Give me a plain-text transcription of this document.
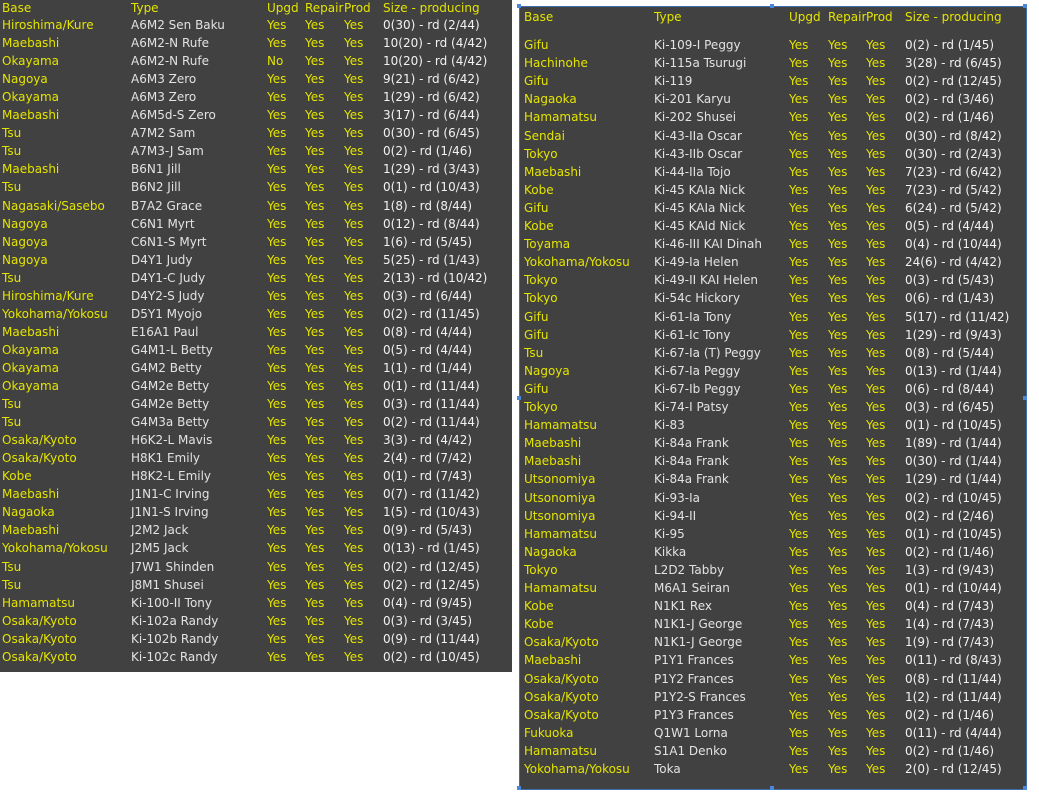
Base	Type	Upgd Repair Prod Size - producing
Hiroshima/Kure	A6M2 Sen Baku	Yes Yes Yes 0(30) - rd (2/44)
Maebashi	A6M2-N Rufe	Yes Yes Yes 10(20) - rd (4/42)
Okayama	A6M2-N Rufe	No Yes Yes 10(20) - rd (4/42)
Nagoya	A6M3 Zero	Yes Yes Yes 9(21) - rd (6/42)
Okayama	A6M3 Zero	Yes Yes Yes 1(29) - rd (6/42)
Maebashi	A6M5d-S Zero	Yes Yes Yes 3(17) - rd (6/44)
Tsu	A7M2 Sam	Yes Yes Yes 0(30) - rd (6/45)
Tsu	A7M3-J Sam	Yes Yes Yes 0(2) - rd (1/46)
Maebashi	B6N1 Jill	Yes Yes Yes 1(29) - rd (3/43)
Tsu	B6N2 Jill	Yes Yes Yes 0(1) - rd (10/43)
Nagasaki/Sasebo B7A2 Grace	Yes Yes Yes 1(8) - rd (8/44)
Nagoya	C6N1 Myrt	Yes Yes Yes 0(12) - rd (8/44)
Nagoya	C6N1-S Myrt	Yes Yes Yes 1(6) - rd (5/45)
Nagoya	D4Y1 Judy	Yes Yes Yes 5(25) - rd (1/43)
Tsu	D4Y1-C Judy	Yes Yes Yes 2(13) - rd (10/42)
Hiroshima/Kure	D4Y2-S Judy	Yes Yes Yes 0(3) - rd (6/44)
Yokohama/Yokosu D5Y1 Myojo	Yes Yes Yes 0(2) - rd (11/45)
Maebashi	E16A1 Paul	Yes Yes Yes 0(8) - rd (4/44)
Okayama	G4M1-L Betty	Yes Yes Yes 0(5) - rd (4/44)
Okayama	G4M2 Betty	Yes Yes Yes 1(1) - rd (1/44)
Okayama	G4M2e Betty	Yes Yes Yes 0(1) - rd (11/44)
Tsu	G4M2e Betty	Yes Yes Yes 0(3) - rd (11/44)
Tsu	G4M3a Betty	Yes Yes Yes 0(2) - rd (11/44)
Osaka/Kyoto	H6K2-L Mavis	Yes Yes Yes 3(3) - rd (4/42)
Osaka/Kyoto	H8K1 Emily	Yes Yes Yes 2(4) - rd (7/42)
Kobe	H8K2-L Emily	Yes Yes Yes 0(1) - rd (7/43)
Maebashi	J1N1-C Irving	Yes Yes Yes 0(7) - rd (11/42)
Nagaoka	J1N1-S Irving	Yes Yes Yes 1(5) - rd (10/43)
Maebashi	J2M2 Jack	Yes Yes Yes 0(9) - rd (5/43)
Yokohama/Yokosu J2M5 Jack	Yes Yes Yes 0(13) - rd (1/45)
Tsu	J7W1 Shinden	Yes Yes Yes 0(2) - rd (12/45)
Tsu	J8M1 Shusei	Yes Yes Yes 0(2) - rd (12/45)
Hamamatsu	Ki-100-II Tony	Yes Yes Yes 0(4) - rd (9/45)
Osaka/Kyoto	Ki-102a Randy	Yes Yes Yes 0(3) - rd (3/45)
Osaka/Kyoto	Ki-102b Randy	Yes Yes Yes 0(9) - rd (11/44)
Osaka/Kyoto	Ki-102c Randy	Yes Yes Yes 0(2) - rd (10/45)
Base	Type	Upgd Repair Prod Size - producing
Gifu	Ki-109-I Peggy	Yes Yes Yes 0(2) - rd (1/45)
Hachinohe	Ki-115a Tsurugi	Yes Yes Yes 3(28) - rd (6/45)
Gifu	Ki-119	Yes Yes Yes 0(2) - rd (12/45)
Nagaoka	Ki-201 Karyu	Yes Yes Yes 0(2) - rd (3/46)
Hamamatsu	Ki-202 Shusei	Yes Yes Yes 0(2) - rd (1/46)
Sendai	Ki-43-IIa Oscar	Yes Yes Yes 0(30) - rd (8/42)
Tokyo	Ki-43-IIb Oscar	Yes Yes Yes 0(30) - rd (2/43)
Maebashi	Ki-44-IIa Tojo	Yes Yes Yes 7(23) - rd (6/42)
Kobe	Ki-45 KAIa Nick	Yes Yes Yes 7(23) - rd (5/42)
Gifu	Ki-45 KAIa Nick	Yes Yes Yes 6(24) - rd (5/42)
Kobe	Ki-45 KAId Nick	Yes Yes Yes 0(5) - rd (4/44)
Toyama	Ki-46-III KAI Dinah Yes Yes Yes 0(4) - rd (10/44)
Yokohama/Yokosu Ki-49-Ia Helen	Yes Yes Yes 24(6) - rd (4/42)
Tokyo	Ki-49-II KAI Helen	Yes Yes Yes 0(3) - rd (5/43)
Tokyo	Ki-54c Hickory	Yes Yes Yes 0(6) - rd (1/43)
Gifu	Ki-61-Ia Tony	Yes Yes Yes 5(17) - rd (11/42)
Gifu	Ki-61-Ic Tony	Yes Yes Yes 1(29) - rd (9/43)
Tsu	Ki-67-Ia (T) Peggy Yes Yes Yes 0(8) - rd (5/44)
Nagoya	Ki-67-Ia Peggy	Yes Yes Yes 0(13) - rd (1/44)
Gifu	Ki-67-Ib Peggy	Yes Yes Yes 0(6) - rd (8/44)
Tokyo	Ki-74-I Patsy	Yes Yes Yes 0(3) - rd (6/45)
Hamamatsu	Ki-83	Yes Yes Yes 0(1) - rd (10/45)
Maebashi	Ki-84a Frank	Yes Yes Yes 1(89) - rd (1/44)
Maebashi	Ki-84a Frank	Yes Yes Yes 0(30) - rd (1/44)
Utsonomiya	Ki-84a Frank	Yes Yes Yes 1(29) - rd (1/44)
Utsonomiya	Ki-93-Ia	Yes Yes Yes 0(2) - rd (10/45)
Utsonomiya	Ki-94-II	Yes Yes Yes 0(2) - rd (2/46)
Hamamatsu	Ki-95	Yes Yes Yes 0(1) - rd (10/45)
Nagaoka	Kikka	Yes Yes Yes 0(2) - rd (1/46)
Tokyo	L2D2 Tabby	Yes Yes Yes 1(3) - rd (9/43)
Hamamatsu	M6A1 Seiran	Yes Yes Yes 0(1) - rd (10/44)
Kobe	N1K1 Rex	Yes Yes Yes 0(4) - rd (7/43)
Kobe	N1K1-J George	Yes Yes Yes 1(4) - rd (7/43)
Osaka/Kyoto	N1K1-J George	Yes Yes Yes 1(9) - rd (7/43)
Maebashi	P1Y1 Frances	Yes Yes Yes 0(11) - rd (8/43)
Osaka/Kyoto	P1Y2 Frances	Yes Yes Yes 0(8) - rd (11/44)
Osaka/Kyoto	P1Y2-S Frances	Yes Yes Yes 1(2) - rd (11/44)
Osaka/Kyoto	P1Y3 Frances	Yes Yes Yes 0(2) - rd (1/46)
Fukuoka	Q1W1 Lorna	Yes Yes Yes 0(11) - rd (4/44)
Hamamatsu	S1A1 Denko	Yes Yes Yes 0(2) - rd (1/46)
Yokohama/Yokosu Toka	Yes Yes Yes 2(0) - rd (12/45)
